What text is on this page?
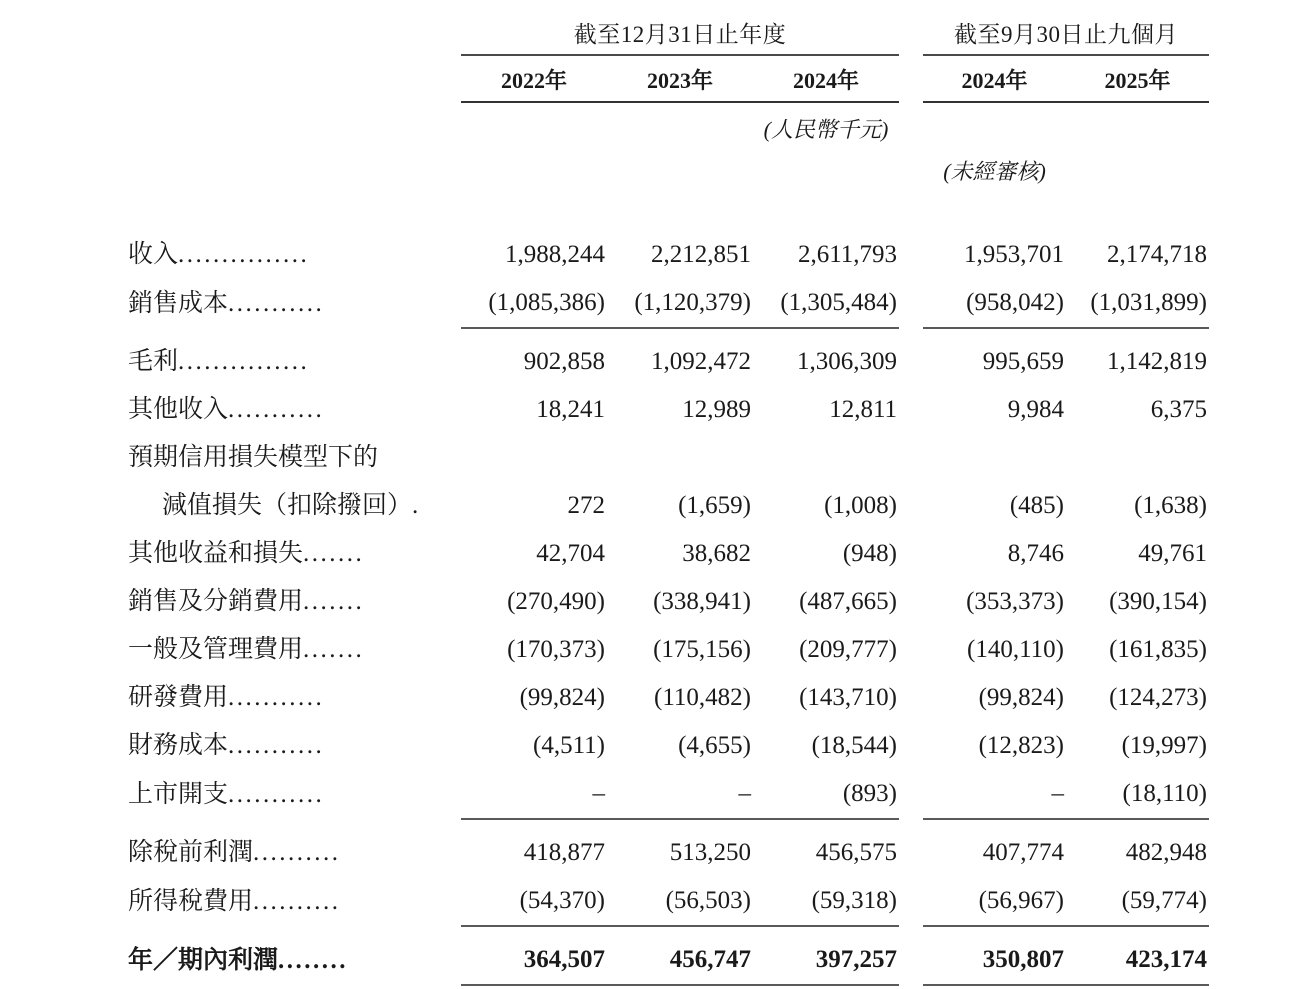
	截至12月31日止年度				截至9月30日止九個月	

	2022年	2023年	2024年		2024年	2025年

			(人民幣千元)			
					(未經審核)	

收入...............	1,988,244	2,212,851	2,611,793		1,953,701	2,174,718
銷售成本...........	(1,085,386)	(1,120,379)	(1,305,484)		(958,042)	(1,031,899)
毛利...............	902,858	1,092,472	1,306,309		995,659	1,142,819
其他收入...........	18,241	12,989	12,811		9,984	6,375
預期信用損失模型下的						
減值損失（扣除撥回）.	272	(1,659)	(1,008)		(485)	(1,638)
其他收益和損失.......	42,704	38,682	(948)		8,746	49,761
銷售及分銷費用.......	(270,490)	(338,941)	(487,665)		(353,373)	(390,154)
一般及管理費用.......	(170,373)	(175,156)	(209,777)		(140,110)	(161,835)
研發費用...........	(99,824)	(110,482)	(143,710)		(99,824)	(124,273)
財務成本...........	(4,511)	(4,655)	(18,544)		(12,823)	(19,997)
上市開支...........	–	–	(893)		–	(18,110)
除稅前利潤..........	418,877	513,250	456,575		407,774	482,948
所得稅費用..........	(54,370)	(56,503)	(59,318)		(56,967)	(59,774)
年／期內利潤........	364,507	456,747	397,257		350,807	423,174
